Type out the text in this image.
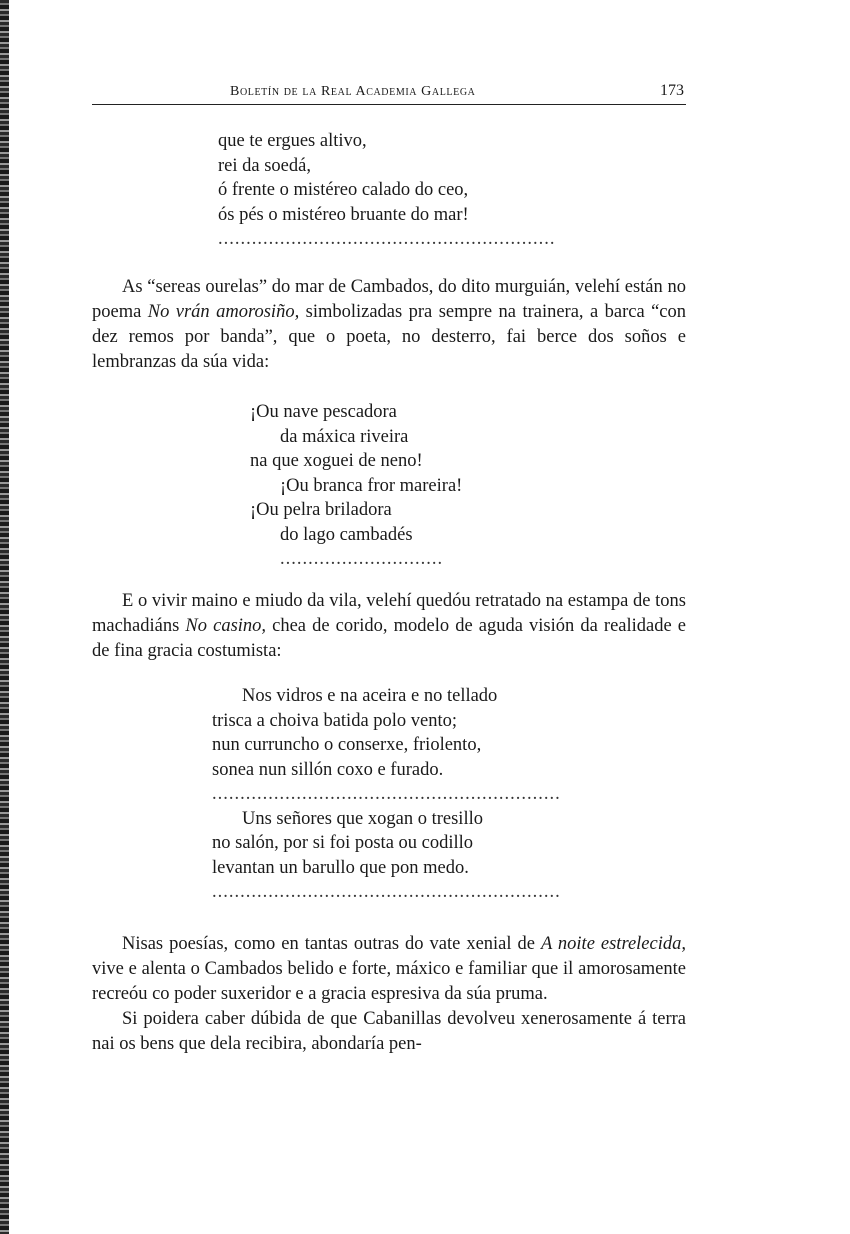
Boletín de la Real Academia Gallega	173
que te ergues altivo,
rei da soedá,
ó frente o mistéreo calado do ceo,
ós pés o mistéreo bruante do mar!
............................................................

As “sereas ourelas” do mar de Cambados, do dito murguián, velehí están no poema No vrán amorosiño, simbolizadas pra sempre na trainera, a barca “con dez remos por banda”, que o poeta, no desterro, fai berce dos soños e lembranzas da súa vida:

¡Ou nave pescadora
da máxica riveira
na que xoguei de neno!
¡Ou branca fror mareira!
¡Ou pelra briladora
do lago cambadés
.............................

E o vivir maino e miudo da vila, velehí quedóu retratado na estampa de tons machadiáns No casino, chea de corido, modelo de aguda visión da realidade e de fina gracia costumista:

Nos vidros e na aceira e no tellado
trisca a choiva batida polo vento;
nun curruncho o conserxe, friolento,
sonea nun sillón coxo e furado.
..............................................................
Uns señores que xogan o tresillo
no salón, por si foi posta ou codillo
levantan un barullo que pon medo.
..............................................................

Nisas poesías, como en tantas outras do vate xenial de A noite estrelecida, vive e alenta o Cambados belido e forte, máxico e familiar que il amorosamente recreóu co poder suxeridor e a gracia espresiva da súa pruma.

Si poidera caber dúbida de que Cabanillas devolveu xenerosamente á terra nai os bens que dela recibira, abondaría pen-
